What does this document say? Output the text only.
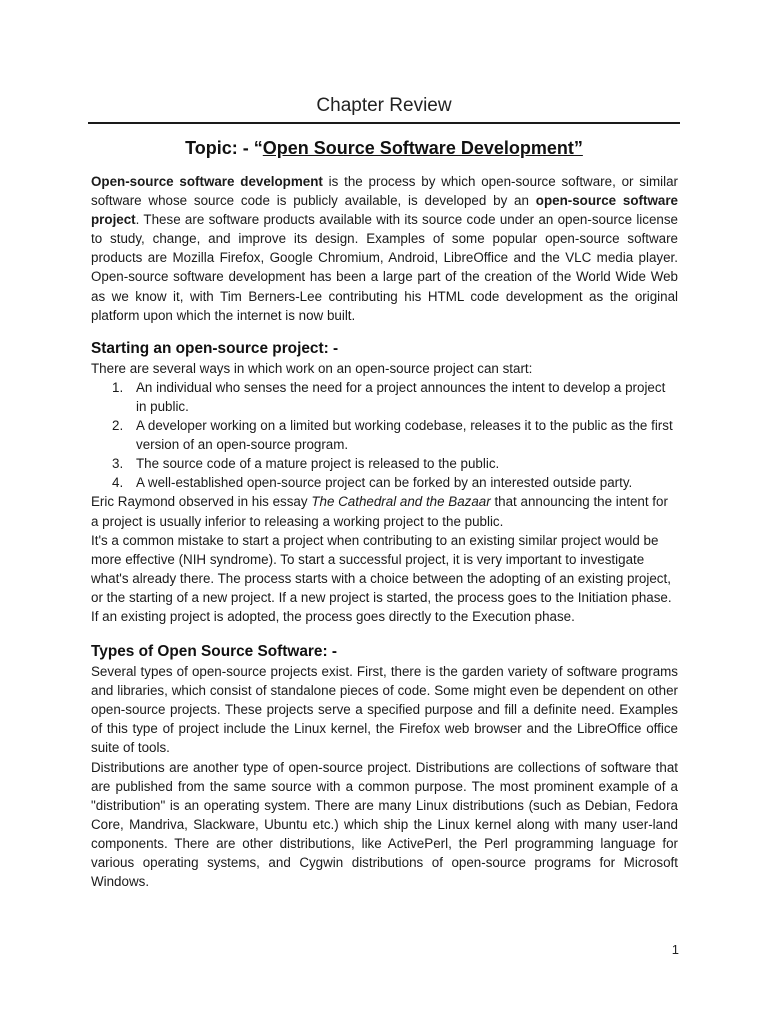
Chapter Review
Topic: - “Open Source Software Development”

Open-source software development is the process by which open-source software, or similar software whose source code is publicly available, is developed by an open-source software project. These are software products available with its source code under an open-source license to study, change, and improve its design. Examples of some popular open-source software products are Mozilla Firefox, Google Chromium, Android, LibreOffice and the VLC media player. Open-source software development has been a large part of the creation of the World Wide Web as we know it, with Tim Berners-Lee contributing his HTML code development as the original platform upon which the internet is now built.

Starting an open-source project: -

There are several ways in which work on an open-source project can start:

1. An individual who senses the need for a project announces the intent to develop a project in public.
2. A developer working on a limited but working codebase, releases it to the public as the first version of an open-source program.
3. The source code of a mature project is released to the public.
4. A well-established open-source project can be forked by an interested outside party.

Eric Raymond observed in his essay The Cathedral and the Bazaar that announcing the intent for a project is usually inferior to releasing a working project to the public.

It's a common mistake to start a project when contributing to an existing similar project would be more effective (NIH syndrome). To start a successful project, it is very important to investigate what's already there. The process starts with a choice between the adopting of an existing project, or the starting of a new project. If a new project is started, the process goes to the Initiation phase. If an existing project is adopted, the process goes directly to the Execution phase.

Types of Open Source Software: -

Several types of open-source projects exist. First, there is the garden variety of software programs and libraries, which consist of standalone pieces of code. Some might even be dependent on other open-source projects. These projects serve a specified purpose and fill a definite need. Examples of this type of project include the Linux kernel, the Firefox web browser and the LibreOffice office suite of tools.

Distributions are another type of open-source project. Distributions are collections of software that are published from the same source with a common purpose. The most prominent example of a "distribution" is an operating system. There are many Linux distributions (such as Debian, Fedora Core, Mandriva, Slackware, Ubuntu etc.) which ship the Linux kernel along with many user-land components. There are other distributions, like ActivePerl, the Perl programming language for various operating systems, and Cygwin distributions of open-source programs for Microsoft Windows.

1
